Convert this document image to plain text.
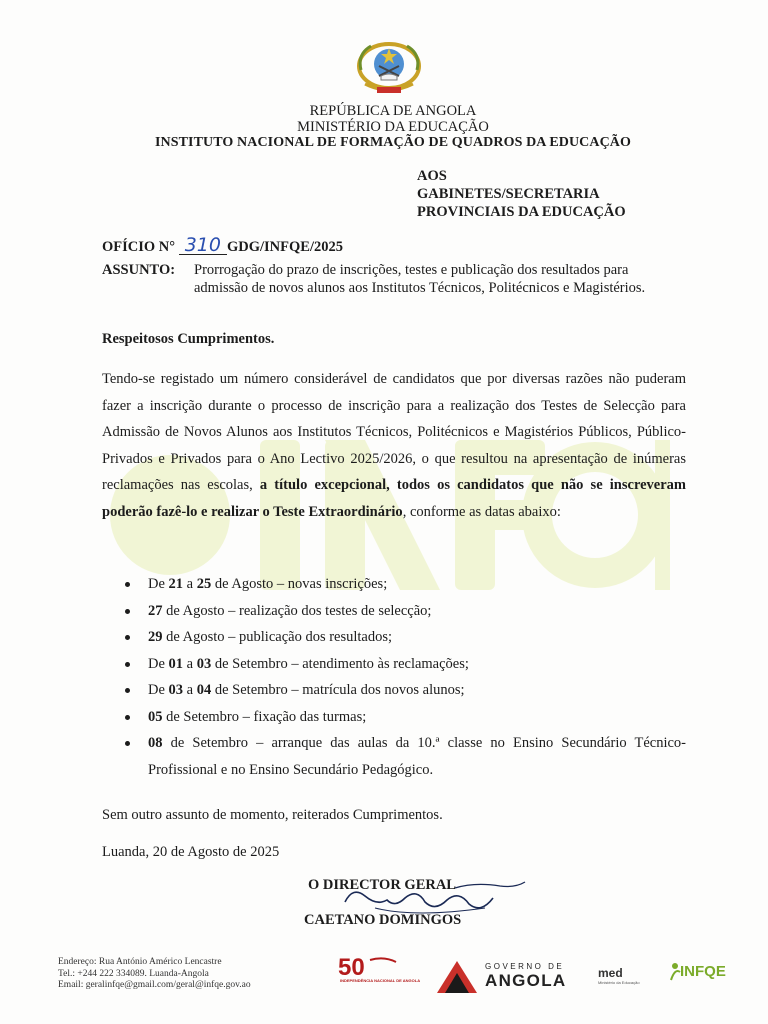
REPÚBLICA DE ANGOLA
MINISTÉRIO DA EDUCAÇÃO
INSTITUTO NACIONAL DE FORMAÇÃO DE QUADROS DA EDUCAÇÃO
AOS
GABINETES/SECRETARIA
PROVINCIAIS DA EDUCAÇÃO
OFÍCIO N° 310 GDG/INFQE/2025
ASSUNTO:	Prorrogação do prazo de inscrições, testes e publicação dos resultados para admissão de novos alunos aos Institutos Técnicos, Politécnicos e Magistérios.
Respeitosos Cumprimentos.
Tendo-se registado um número considerável de candidatos que por diversas razões não puderam fazer a inscrição durante o processo de inscrição para a realização dos Testes de Selecção para Admissão de Novos Alunos aos Institutos Técnicos, Politécnicos e Magistérios Públicos, Público-Privados e Privados para o Ano Lectivo 2025/2026, o que resultou na apresentação de inúmeras reclamações nas escolas, a título excepcional, todos os candidatos que não se inscreveram poderão fazê-lo e realizar o Teste Extraordinário, conforme as datas abaixo:
De 21 a 25 de Agosto – novas inscrições;
27 de Agosto – realização dos testes de selecção;
29 de Agosto – publicação dos resultados;
De 01 a 03 de Setembro – atendimento às reclamações;
De 03 a 04 de Setembro – matrícula dos novos alunos;
05 de Setembro – fixação das turmas;
08 de Setembro – arranque das aulas da 10.ª classe no Ensino Secundário Técnico-Profissional e no Ensino Secundário Pedagógico.
Sem outro assunto de momento, reiterados Cumprimentos.
Luanda, 20 de Agosto de 2025
O DIRECTOR GERAL
CAETANO DOMINGOS
Endereço: Rua António Américo Lencastre
Tel.: +244 222 334089. Luanda-Angola
Email: geralinfqe@gmail.com/geral@infqe.gov.ao
50
INDEPENDÊNCIA NACIONAL DE ANGOLA
GOVERNO DE
ANGOLA	med
Ministério da Educação
INFQE
